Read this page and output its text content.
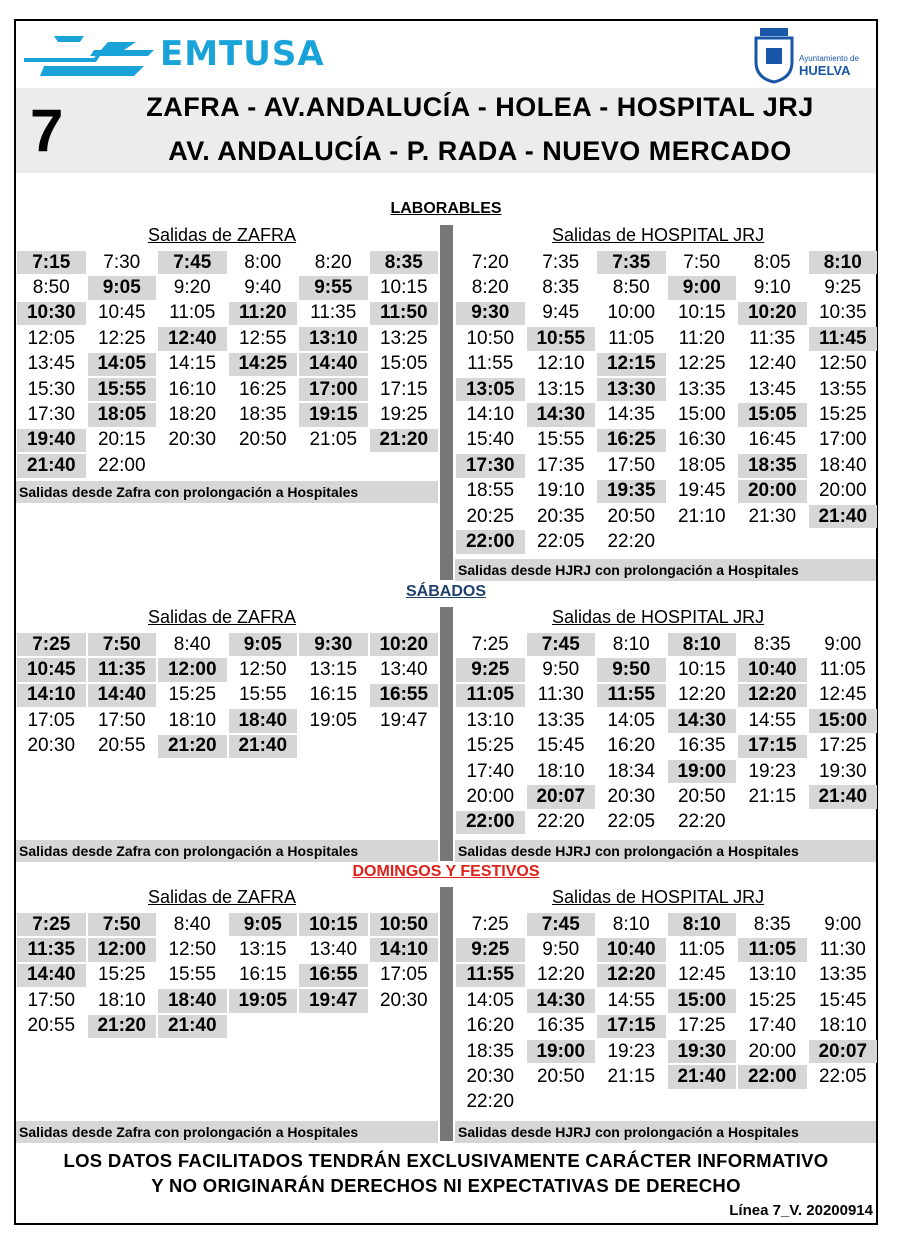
EMTUSA	Ayuntamiento de
HUELVA
7	ZAFRA - AV.ANDALUCÍA - HOLEA - HOSPITAL JRJ
AV. ANDALUCÍA - P. RADA - NUEVO MERCADO
LABORABLES
Salidas de ZAFRA	Salidas de HOSPITAL JRJ
7:15	7:30	7:45	8:00	8:20	8:35
8:50	9:05	9:20	9:40	9:55	10:15
10:30	10:45	11:05	11:20	11:35	11:50
12:05	12:25	12:40	12:55	13:10	13:25
13:45	14:05	14:15	14:25	14:40	15:05
15:30	15:55	16:10	16:25	17:00	17:15
17:30	18:05	18:20	18:35	19:15	19:25
19:40	20:15	20:30	20:50	21:05	21:20
21:40	22:00
7:20	7:35	7:35	7:50	8:05	8:10
8:20	8:35	8:50	9:00	9:10	9:25
9:30	9:45	10:00	10:15	10:20	10:35
10:50	10:55	11:05	11:20	11:35	11:45
11:55	12:10	12:15	12:25	12:40	12:50
13:05	13:15	13:30	13:35	13:45	13:55
14:10	14:30	14:35	15:00	15:05	15:25
15:40	15:55	16:25	16:30	16:45	17:00
17:30	17:35	17:50	18:05	18:35	18:40
18:55	19:10	19:35	19:45	20:00	20:00
20:25	20:35	20:50	21:10	21:30	21:40
22:00	22:05	22:20
Salidas desde Zafra con prolongación a Hospitales
Salidas desde HJRJ con prolongación a Hospitales
SÁBADOS
Salidas de ZAFRA	Salidas de HOSPITAL JRJ
7:25	7:50	8:40	9:05	9:30	10:20
10:45	11:35	12:00	12:50	13:15	13:40
14:10	14:40	15:25	15:55	16:15	16:55
17:05	17:50	18:10	18:40	19:05	19:47
20:30	20:55	21:20	21:40
7:25	7:45	8:10	8:10	8:35	9:00
9:25	9:50	9:50	10:15	10:40	11:05
11:05	11:30	11:55	12:20	12:20	12:45
13:10	13:35	14:05	14:30	14:55	15:00
15:25	15:45	16:20	16:35	17:15	17:25
17:40	18:10	18:34	19:00	19:23	19:30
20:00	20:07	20:30	20:50	21:15	21:40
22:00	22:20	22:05	22:20
Salidas desde Zafra con prolongación a Hospitales	Salidas desde HJRJ con prolongación a Hospitales
DOMINGOS Y FESTIVOS
Salidas de ZAFRA	Salidas de HOSPITAL JRJ
7:25	7:50	8:40	9:05	10:15	10:50
11:35	12:00	12:50	13:15	13:40	14:10
14:40	15:25	15:55	16:15	16:55	17:05
17:50	18:10	18:40	19:05	19:47	20:30
20:55	21:20	21:40
7:25	7:45	8:10	8:10	8:35	9:00
9:25	9:50	10:40	11:05	11:05	11:30
11:55	12:20	12:20	12:45	13:10	13:35
14:05	14:30	14:55	15:00	15:25	15:45
16:20	16:35	17:15	17:25	17:40	18:10
18:35	19:00	19:23	19:30	20:00	20:07
20:30	20:50	21:15	21:40	22:00	22:05
22:20
Salidas desde Zafra con prolongación a Hospitales	Salidas desde HJRJ con prolongación a Hospitales
LOS DATOS FACILITADOS TENDRÁN EXCLUSIVAMENTE CARÁCTER INFORMATIVO
Y NO ORIGINARÁN DERECHOS NI EXPECTATIVAS DE DERECHO
Línea 7_V. 20200914
